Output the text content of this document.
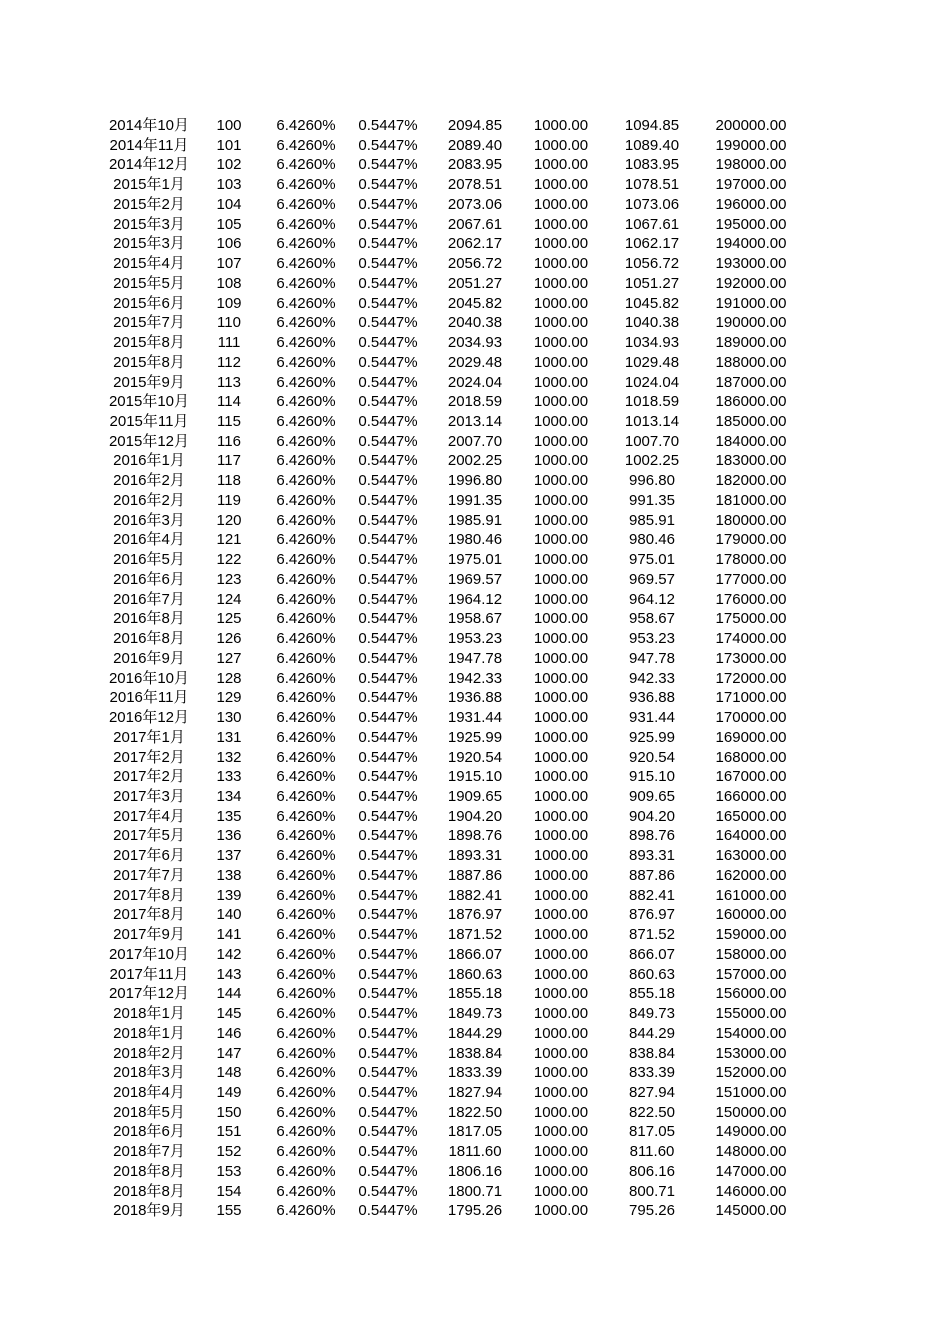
2014年10月	100	6.4260%	0.5447%	2094.85	1000.00	1094.85	200000.00
2014年11月	101	6.4260%	0.5447%	2089.40	1000.00	1089.40	199000.00
2014年12月	102	6.4260%	0.5447%	2083.95	1000.00	1083.95	198000.00
2015年1月	103	6.4260%	0.5447%	2078.51	1000.00	1078.51	197000.00
2015年2月	104	6.4260%	0.5447%	2073.06	1000.00	1073.06	196000.00
2015年3月	105	6.4260%	0.5447%	2067.61	1000.00	1067.61	195000.00
2015年3月	106	6.4260%	0.5447%	2062.17	1000.00	1062.17	194000.00
2015年4月	107	6.4260%	0.5447%	2056.72	1000.00	1056.72	193000.00
2015年5月	108	6.4260%	0.5447%	2051.27	1000.00	1051.27	192000.00
2015年6月	109	6.4260%	0.5447%	2045.82	1000.00	1045.82	191000.00
2015年7月	110	6.4260%	0.5447%	2040.38	1000.00	1040.38	190000.00
2015年8月	111	6.4260%	0.5447%	2034.93	1000.00	1034.93	189000.00
2015年8月	112	6.4260%	0.5447%	2029.48	1000.00	1029.48	188000.00
2015年9月	113	6.4260%	0.5447%	2024.04	1000.00	1024.04	187000.00
2015年10月	114	6.4260%	0.5447%	2018.59	1000.00	1018.59	186000.00
2015年11月	115	6.4260%	0.5447%	2013.14	1000.00	1013.14	185000.00
2015年12月	116	6.4260%	0.5447%	2007.70	1000.00	1007.70	184000.00
2016年1月	117	6.4260%	0.5447%	2002.25	1000.00	1002.25	183000.00
2016年2月	118	6.4260%	0.5447%	1996.80	1000.00	996.80	182000.00
2016年2月	119	6.4260%	0.5447%	1991.35	1000.00	991.35	181000.00
2016年3月	120	6.4260%	0.5447%	1985.91	1000.00	985.91	180000.00
2016年4月	121	6.4260%	0.5447%	1980.46	1000.00	980.46	179000.00
2016年5月	122	6.4260%	0.5447%	1975.01	1000.00	975.01	178000.00
2016年6月	123	6.4260%	0.5447%	1969.57	1000.00	969.57	177000.00
2016年7月	124	6.4260%	0.5447%	1964.12	1000.00	964.12	176000.00
2016年8月	125	6.4260%	0.5447%	1958.67	1000.00	958.67	175000.00
2016年8月	126	6.4260%	0.5447%	1953.23	1000.00	953.23	174000.00
2016年9月	127	6.4260%	0.5447%	1947.78	1000.00	947.78	173000.00
2016年10月	128	6.4260%	0.5447%	1942.33	1000.00	942.33	172000.00
2016年11月	129	6.4260%	0.5447%	1936.88	1000.00	936.88	171000.00
2016年12月	130	6.4260%	0.5447%	1931.44	1000.00	931.44	170000.00
2017年1月	131	6.4260%	0.5447%	1925.99	1000.00	925.99	169000.00
2017年2月	132	6.4260%	0.5447%	1920.54	1000.00	920.54	168000.00
2017年2月	133	6.4260%	0.5447%	1915.10	1000.00	915.10	167000.00
2017年3月	134	6.4260%	0.5447%	1909.65	1000.00	909.65	166000.00
2017年4月	135	6.4260%	0.5447%	1904.20	1000.00	904.20	165000.00
2017年5月	136	6.4260%	0.5447%	1898.76	1000.00	898.76	164000.00
2017年6月	137	6.4260%	0.5447%	1893.31	1000.00	893.31	163000.00
2017年7月	138	6.4260%	0.5447%	1887.86	1000.00	887.86	162000.00
2017年8月	139	6.4260%	0.5447%	1882.41	1000.00	882.41	161000.00
2017年8月	140	6.4260%	0.5447%	1876.97	1000.00	876.97	160000.00
2017年9月	141	6.4260%	0.5447%	1871.52	1000.00	871.52	159000.00
2017年10月	142	6.4260%	0.5447%	1866.07	1000.00	866.07	158000.00
2017年11月	143	6.4260%	0.5447%	1860.63	1000.00	860.63	157000.00
2017年12月	144	6.4260%	0.5447%	1855.18	1000.00	855.18	156000.00
2018年1月	145	6.4260%	0.5447%	1849.73	1000.00	849.73	155000.00
2018年1月	146	6.4260%	0.5447%	1844.29	1000.00	844.29	154000.00
2018年2月	147	6.4260%	0.5447%	1838.84	1000.00	838.84	153000.00
2018年3月	148	6.4260%	0.5447%	1833.39	1000.00	833.39	152000.00
2018年4月	149	6.4260%	0.5447%	1827.94	1000.00	827.94	151000.00
2018年5月	150	6.4260%	0.5447%	1822.50	1000.00	822.50	150000.00
2018年6月	151	6.4260%	0.5447%	1817.05	1000.00	817.05	149000.00
2018年7月	152	6.4260%	0.5447%	1811.60	1000.00	811.60	148000.00
2018年8月	153	6.4260%	0.5447%	1806.16	1000.00	806.16	147000.00
2018年8月	154	6.4260%	0.5447%	1800.71	1000.00	800.71	146000.00
2018年9月	155	6.4260%	0.5447%	1795.26	1000.00	795.26	145000.00
